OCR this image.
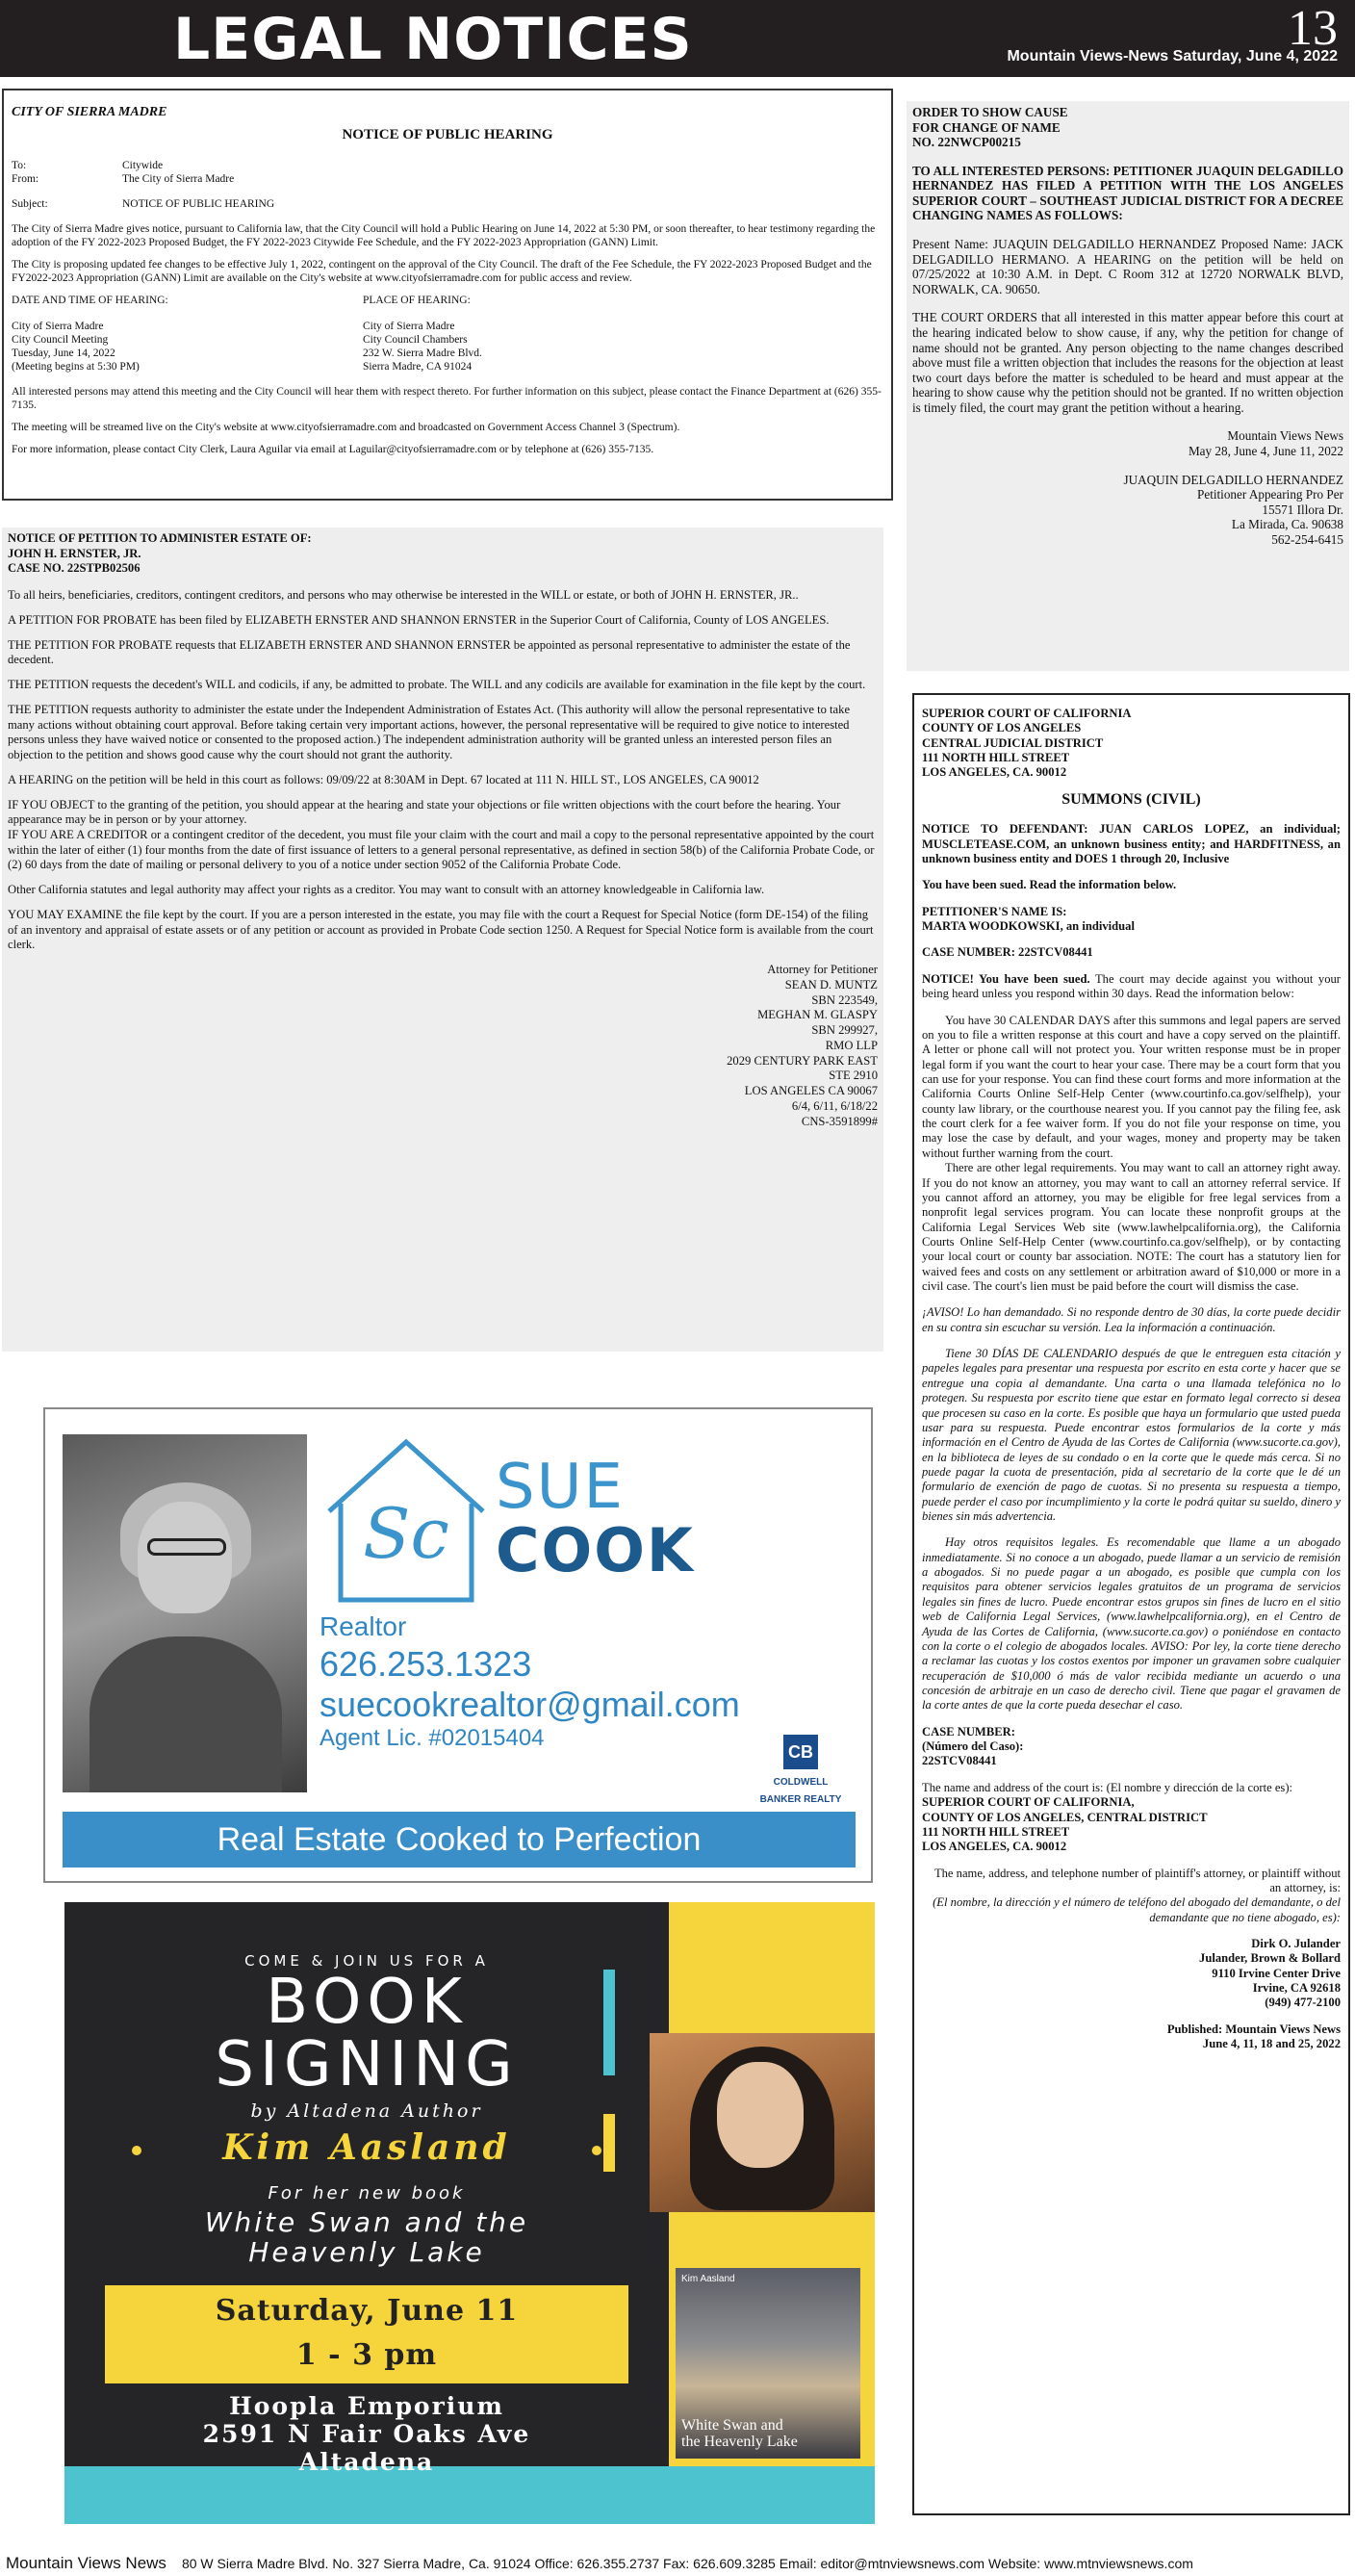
LEGAL NOTICES	13
Mountain Views-News Saturday, June 4, 2022
CITY OF SIERRA MADRE
NOTICE OF PUBLIC HEARING
To:	Citywide
From:	The City of Sierra Madre
Subject:	NOTICE OF PUBLIC HEARING

The City of Sierra Madre gives notice, pursuant to California law, that the City Council will hold a Public Hearing on June 14, 2022 at 5:30 PM, or soon thereafter, to hear testimony regarding the adoption of the FY 2022-2023 Proposed Budget, the FY 2022-2023 Citywide Fee Schedule, and the FY 2022-2023 Appropriation (GANN) Limit.

The City is proposing updated fee changes to be effective July 1, 2022, contingent on the approval of the City Council. The draft of the Fee Schedule, the FY 2022-2023 Proposed Budget and the FY2022-2023 Appropriation (GANN) Limit are available on the City's website at www.cityofsierramadre.com for public access and review.

DATE AND TIME OF HEARING:
City of Sierra Madre
City Council Meeting
Tuesday, June 14, 2022
(Meeting begins at 5:30 PM)
PLACE OF HEARING:
City of Sierra Madre
City Council Chambers
232 W. Sierra Madre Blvd.
Sierra Madre, CA 91024

All interested persons may attend this meeting and the City Council will hear them with respect thereto. For further information on this subject, please contact the Finance Department at (626) 355-7135.

The meeting will be streamed live on the City's website at www.cityofsierramadre.com and broadcasted on Government Access Channel 3 (Spectrum).

For more information, please contact City Clerk, Laura Aguilar via email at Laguilar@cityofsierramadre.com or by telephone at (626) 355-7135.

NOTICE OF PETITION TO ADMINISTER ESTATE OF:
JOHN H. ERNSTER, JR.
CASE NO. 22STPB02506

To all heirs, beneficiaries, creditors, contingent creditors, and persons who may otherwise be interested in the WILL or estate, or both of JOHN H. ERNSTER, JR..

A PETITION FOR PROBATE has been filed by ELIZABETH ERNSTER AND SHANNON ERNSTER in the Superior Court of California, County of LOS ANGELES.

THE PETITION FOR PROBATE requests that ELIZABETH ERNSTER AND SHANNON ERNSTER be appointed as personal representative to administer the estate of the decedent.

THE PETITION requests the decedent's WILL and codicils, if any, be admitted to probate. The WILL and any codicils are available for examination in the file kept by the court.

THE PETITION requests authority to administer the estate under the Independent Administration of Estates Act. (This authority will allow the personal representative to take many actions without obtaining court approval. Before taking certain very important actions, however, the personal representative will be required to give notice to interested persons unless they have waived notice or consented to the proposed action.) The independent administration authority will be granted unless an interested person files an objection to the petition and shows good cause why the court should not grant the authority.

A HEARING on the petition will be held in this court as follows: 09/09/22 at 8:30AM in Dept. 67 located at 111 N. HILL ST., LOS ANGELES, CA 90012

IF YOU OBJECT to the granting of the petition, you should appear at the hearing and state your objections or file written objections with the court before the hearing. Your appearance may be in person or by your attorney.

IF YOU ARE A CREDITOR or a contingent creditor of the decedent, you must file your claim with the court and mail a copy to the personal representative appointed by the court within the later of either (1) four months from the date of first issuance of letters to a general personal representative, as defined in section 58(b) of the California Probate Code, or (2) 60 days from the date of mailing or personal delivery to you of a notice under section 9052 of the California Probate Code.

Other California statutes and legal authority may affect your rights as a creditor. You may want to consult with an attorney knowledgeable in California law.

YOU MAY EXAMINE the file kept by the court. If you are a person interested in the estate, you may file with the court a Request for Special Notice (form DE-154) of the filing of an inventory and appraisal of estate assets or of any petition or account as provided in Probate Code section 1250. A Request for Special Notice form is available from the court clerk.

Attorney for Petitioner
SEAN D. MUNTZ
SBN 223549,
MEGHAN M. GLASPY
SBN 299927,
RMO LLP
2029 CENTURY PARK EAST
STE 2910
LOS ANGELES CA 90067
6/4, 6/11, 6/18/22
CNS-3591899#
ORDER TO SHOW CAUSE
FOR CHANGE OF NAME
NO. 22NWCP00215

TO ALL INTERESTED PERSONS: PETITIONER JUAQUIN DELGADILLO HERNANDEZ HAS FILED A PETITION WITH THE LOS ANGELES SUPERIOR COURT – SOUTHEAST JUDICIAL DISTRICT FOR A DECREE CHANGING NAMES AS FOLLOWS:

Present Name: JUAQUIN DELGADILLO HERNANDEZ Proposed Name: JACK DELGADILLO HERMANO. A HEARING on the petition will be held on 07/25/2022 at 10:30 A.M. in Dept. C Room 312 at 12720 NORWALK BLVD, NORWALK, CA. 90650.

THE COURT ORDERS that all interested in this matter appear before this court at the hearing indicated below to show cause, if any, why the petition for change of name should not be granted. Any person objecting to the name changes described above must file a written objection that includes the reasons for the objection at least two court days before the matter is scheduled to be heard and must appear at the hearing to show cause why the petition should not be granted. If no written objection is timely filed, the court may grant the petition without a hearing.

Mountain Views News
May 28, June 4, June 11, 2022
JUAQUIN DELGADILLO HERNANDEZ
Petitioner Appearing Pro Per
15571 Illora Dr.
La Mirada, Ca. 90638
562-254-6415
SUPERIOR COURT OF CALIFORNIA
COUNTY OF LOS ANGELES
CENTRAL JUDICIAL DISTRICT
111 NORTH HILL STREET
LOS ANGELES, CA. 90012
SUMMONS (CIVIL)

NOTICE TO DEFENDANT: JUAN CARLOS LOPEZ, an individual; MUSCLETEASE.COM, an unknown business entity; and HARDFITNESS, an unknown business entity and DOES 1 through 20, Inclusive

You have been sued. Read the information below.

PETITIONER'S NAME IS:
MARTA WOODKOWSKI, an individual

CASE NUMBER: 22STCV08441

NOTICE! You have been sued. The court may decide against you without your being heard unless you respond within 30 days. Read the information below:

You have 30 CALENDAR DAYS after this summons and legal papers are served on you to file a written response at this court and have a copy served on the plaintiff. A letter or phone call will not protect you. Your written response must be in proper legal form if you want the court to hear your case. There may be a court form that you can use for your response. You can find these court forms and more information at the California Courts Online Self-Help Center (www.courtinfo.ca.gov/selfhelp), your county law library, or the courthouse nearest you. If you cannot pay the filing fee, ask the court clerk for a fee waiver form. If you do not file your response on time, you may lose the case by default, and your wages, money and property may be taken without further warning from the court.

There are other legal requirements. You may want to call an attorney right away. If you do not know an attorney, you may want to call an attorney referral service. If you cannot afford an attorney, you may be eligible for free legal services from a nonprofit legal services program. You can locate these nonprofit groups at the California Legal Services Web site (www.lawhelpcalifornia.org), the California Courts Online Self-Help Center (www.courtinfo.ca.gov/selfhelp), or by contacting your local court or county bar association. NOTE: The court has a statutory lien for waived fees and costs on any settlement or arbitration award of $10,000 or more in a civil case. The court's lien must be paid before the court will dismiss the case.

¡AVISO! Lo han demandado. Si no responde dentro de 30 días, la corte puede decidir en su contra sin escuchar su versión. Lea la información a continuación.

Tiene 30 DÍAS DE CALENDARIO después de que le entreguen esta citación y papeles legales para presentar una respuesta por escrito en esta corte y hacer que se entregue una copia al demandante. Una carta o una llamada telefónica no lo protegen. Su respuesta por escrito tiene que estar en formato legal correcto si desea que procesen su caso en la corte. Es posible que haya un formulario que usted pueda usar para su respuesta. Puede encontrar estos formularios de la corte y más información en el Centro de Ayuda de las Cortes de California (www.sucorte.ca.gov), en la biblioteca de leyes de su condado o en la corte que le quede más cerca. Si no puede pagar la cuota de presentación, pida al secretario de la corte que le dé un formulario de exención de pago de cuotas. Si no presenta su respuesta a tiempo, puede perder el caso por incumplimiento y la corte le podrá quitar su sueldo, dinero y bienes sin más advertencia.

Hay otros requisitos legales. Es recomendable que llame a un abogado inmediatamente. Si no conoce a un abogado, puede llamar a un servicio de remisión a abogados. Si no puede pagar a un abogado, es posible que cumpla con los requisitos para obtener servicios legales gratuitos de un programa de servicios legales sin fines de lucro. Puede encontrar estos grupos sin fines de lucro en el sitio web de California Legal Services, (www.lawhelpcalifornia.org), en el Centro de Ayuda de las Cortes de California, (www.sucorte.ca.gov) o poniéndose en contacto con la corte o el colegio de abogados locales. AVISO: Por ley, la corte tiene derecho a reclamar las cuotas y los costos exentos por imponer un gravamen sobre cualquier recuperación de $10,000 ó más de valor recibida mediante un acuerdo o una concesión de arbitraje en un caso de derecho civil. Tiene que pagar el gravamen de la corte antes de que la corte pueda desechar el caso.

CASE NUMBER:
(Número del Caso):
22STCV08441
The name and address of the court is: (El nombre y dirección de la corte es):
SUPERIOR COURT OF CALIFORNIA,
COUNTY OF LOS ANGELES, CENTRAL DISTRICT
111 NORTH HILL STREET
LOS ANGELES, CA. 90012
The name, address, and telephone number of plaintiff's attorney, or plaintiff without an attorney, is:
(El nombre, la dirección y el número de teléfono del abogado del demandante, o del demandante que no tiene abogado, es):
Dirk O. Julander
Julander, Brown & Bollard
9110 Irvine Center Drive
Irvine, CA 92618
(949) 477-2100
Published: Mountain Views News
June 4, 11, 18 and 25, 2022
Sc
SUE
COOK
Realtor
626.253.1323
suecookrealtor@gmail.com
Agent Lic. #02015404
CB
COLDWELL BANKER REALTY
Real Estate Cooked to Perfection
COME & JOIN US FOR A
BOOK
SIGNING
by Altadena Author
Kim Aasland
For her new book
White Swan and the
Heavenly Lake
Saturday, June 11
1 - 3 pm
Hoopla Emporium
2591 N Fair Oaks Ave
Altadena
Kim Aasland
White Swan and
the Heavenly Lake
Mountain Views News 80 W Sierra Madre Blvd. No. 327 Sierra Madre, Ca. 91024 Office: 626.355.2737 Fax: 626.609.3285 Email: editor@mtnviewsnews.com Website: www.mtnviewsnews.com
